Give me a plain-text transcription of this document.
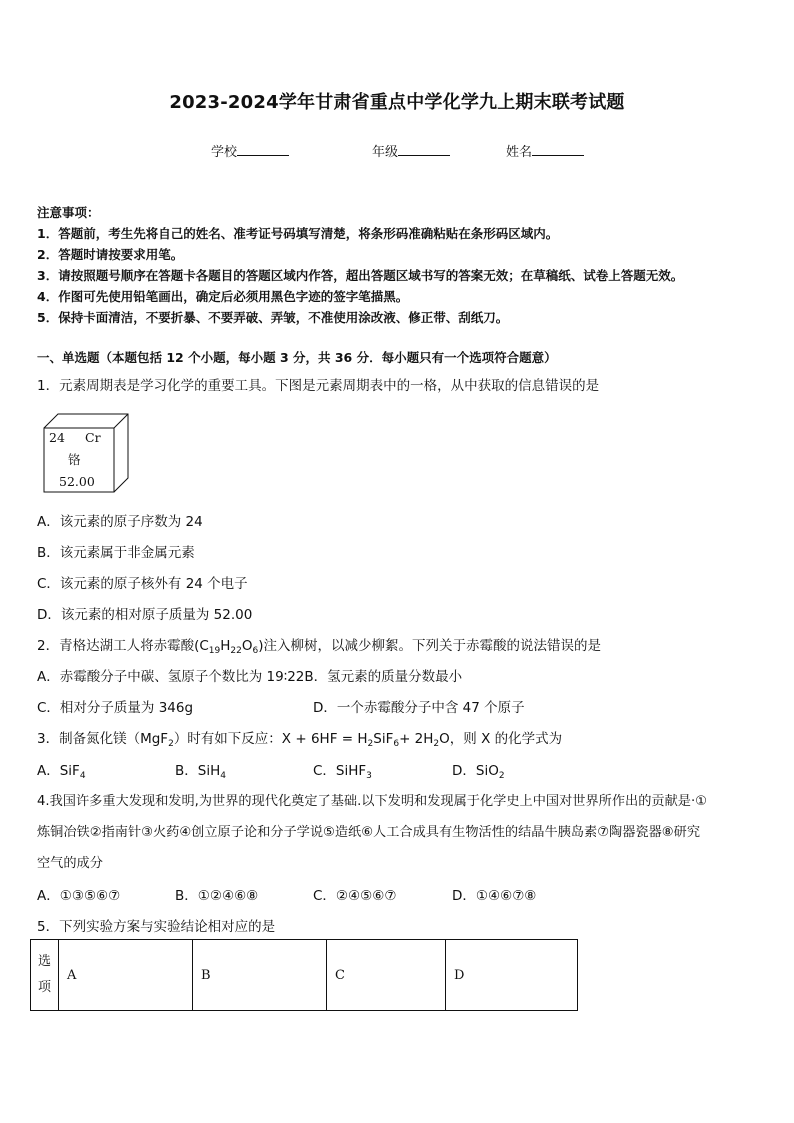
2023-2024学年甘肃省重点中学化学九上期末联考试题
学校	年级	姓名
注意事项：
1．答题前，考生先将自己的姓名、准考证号码填写清楚，将条形码准确粘贴在条形码区域内。
2．答题时请按要求用笔。
3．请按照题号顺序在答题卡各题目的答题区域内作答，超出答题区域书写的答案无效；在草稿纸、试卷上答题无效。
4．作图可先使用铅笔画出，确定后必须用黑色字迹的签字笔描黑。
5．保持卡面清洁，不要折暴、不要弄破、弄皱，不准使用涂改液、修正带、刮纸刀。
一、单选题（本题包括 12 个小题，每小题 3 分，共 36 分．每小题只有一个选项符合题意）
1．元素周期表是学习化学的重要工具。下图是元素周期表中的一格，从中获取的信息错误的是
24 Cr
铬
52.00
A．该元素的原子序数为 24
B．该元素属于非金属元素
C．该元素的原子核外有 24 个电子
D．该元素的相对原子质量为 52.00
2．青格达湖工人将赤霉酸$(C_{19}H_{22}O_6)$注入柳树，以减少柳絮。下列关于赤霉酸的说法错误的是
A．赤霉酸分子中碳、氢原子个数比为 19∶22B．氢元素的质量分数最小
C．相对分子质量为 346g	D．一个赤霉酸分子中含 47 个原子
3．制备氮化镁（MgF$_2$）时有如下反应：$X + 6HF = H_2SiF_6+ 2H_2O$，则 X 的化学式为
A．SiF$_4$	B．SiH$_4$	C．SiHF$_3$	D．SiO$_2$
4.我国许多重大发现和发明,为世界的现代化奠定了基础.以下发明和发现属于化学史上中国对世界所作出的贡献是·①
炼铜冶铁②指南针③火药④创立原子论和分子学说⑤造纸⑥人工合成具有生物活性的结晶牛胰岛素⑦陶器瓷器⑧研究
空气的成分
A．①③⑤⑥⑦	B．①②④⑥⑧	C．②④⑤⑥⑦	D．①④⑥⑦⑧
5．下列实验方案与实验结论相对应的是
选项	A	B	C	D
